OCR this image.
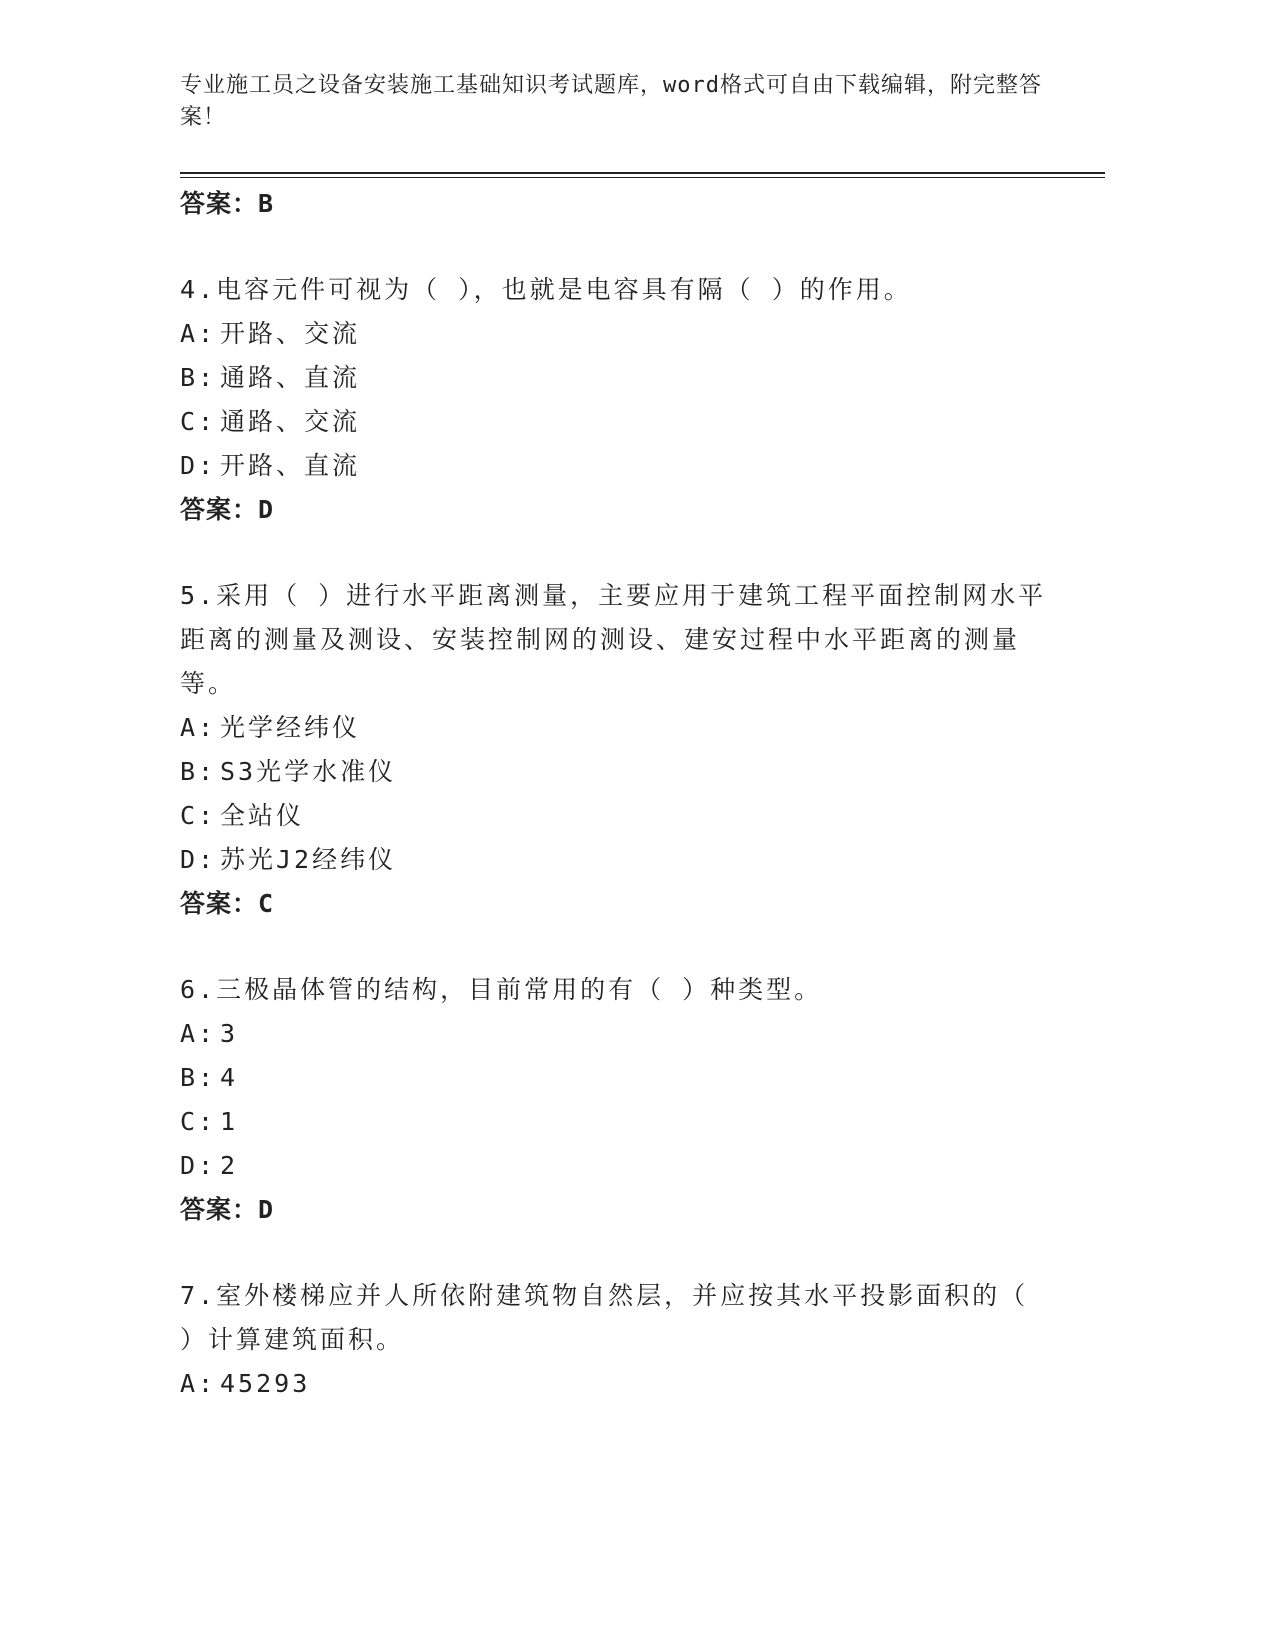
专业施工员之设备安装施工基础知识考试题库，word格式可自由下载编辑，附完整答案！
答案：B
4.电容元件可视为（ ），也就是电容具有隔（ ）的作用。
A: 开路、交流
B: 通路、直流
C: 通路、交流
D: 开路、直流
答案：D
5.采用（ ）进行水平距离测量，主要应用于建筑工程平面控制网水平距离的测量及测设、安装控制网的测设、建安过程中水平距离的测量等。
A: 光学经纬仪
B: S3光学水准仪
C: 全站仪
D: 苏光J2经纬仪
答案：C
6.三极晶体管的结构，目前常用的有（ ）种类型。
A: 3
B: 4
C: 1
D: 2
答案：D
7.室外楼梯应并人所依附建筑物自然层，并应按其水平投影面积的（ ）计算建筑面积。
A: 45293
